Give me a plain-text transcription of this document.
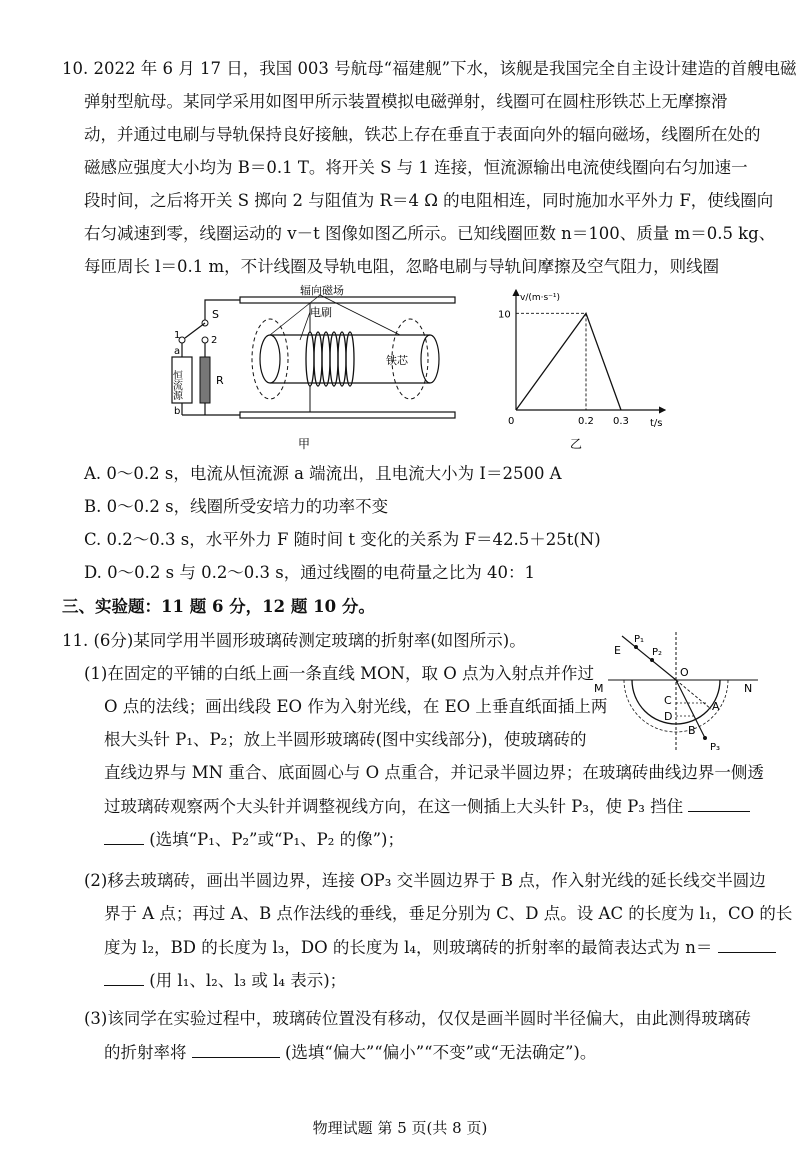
10. 2022 年 6 月 17 日，我国 003 号航母“福建舰”下水，该舰是我国完全自主设计建造的首艘电磁
弹射型航母。某同学采用如图甲所示装置模拟电磁弹射，线圈可在圆柱形铁芯上无摩擦滑
动，并通过电刷与导轨保持良好接触，铁芯上存在垂直于表面向外的辐向磁场，线圈所在处的
磁感应强度大小均为 B＝0.1 T。将开关 S 与 1 连接，恒流源输出电流使线圈向右匀加速一
段时间，之后将开关 S 掷向 2 与阻值为 R＝4 Ω 的电阻相连，同时施加水平外力 F，使线圈向
右匀减速到零，线圈运动的 v－t 图像如图乙所示。已知线圈匝数 n＝100、质量 m＝0.5 kg、
每匝周长 l＝0.1 m，不计线圈及导轨电阻，忽略电刷与导轨间摩擦及空气阻力，则线圈
辐向磁场
电刷
铁芯
S
1	2
恒流源
a
b
R
甲
v/(m·s⁻¹)
t/s
0	0.2 0.3
10
乙
A. 0～0.2 s，电流从恒流源 a 端流出，且电流大小为 I＝2500 A
B. 0～0.2 s，线圈所受安培力的功率不变
C. 0.2～0.3 s，水平外力 F 随时间 t 变化的关系为 F＝42.5＋25t(N)
D. 0～0.2 s 与 0.2～0.3 s，通过线圈的电荷量之比为 40：1
三、实验题：11 题 6 分，12 题 10 分。
11. (6分)某同学用半圆形玻璃砖测定玻璃的折射率(如图所示)。
(1)在固定的平铺的白纸上画一条直线 MON，取 O 点为入射点并作过
O 点的法线；画出线段 EO 作为入射光线，在 EO 上垂直纸面插上两
根大头针 P₁、P₂；放上半圆形玻璃砖(图中实线部分)，使玻璃砖的
直线边界与 MN 重合、底面圆心与 O 点重合，并记录半圆边界；在玻璃砖曲线边界一侧透
过玻璃砖观察两个大头针并调整视线方向，在这一侧插上大头针 P₃，使 P₃ 挡住
(选填“P₁、P₂”或“P₁、P₂ 的像”)；
(2)移去玻璃砖，画出半圆边界，连接 OP₃ 交半圆边界于 B 点，作入射光线的延长线交半圆边
界于 A 点；再过 A、B 点作法线的垂线，垂足分别为 C、D 点。设 AC 的长度为 l₁，CO 的长
度为 l₂，BD 的长度为 l₃，DO 的长度为 l₄，则玻璃砖的折射率的最简表达式为 n＝
(用 l₁、l₂、l₃ 或 l₄ 表示)；
(3)该同学在实验过程中，玻璃砖位置没有移动，仅仅是画半圆时半径偏大，由此测得玻璃砖
的折射率将	(选填“偏大”“偏小”“不变”或“无法确定”)。
E
P₁
P₂
O
M	N
A
C
D
B
P₃
物理试题 第 5 页(共 8 页)
